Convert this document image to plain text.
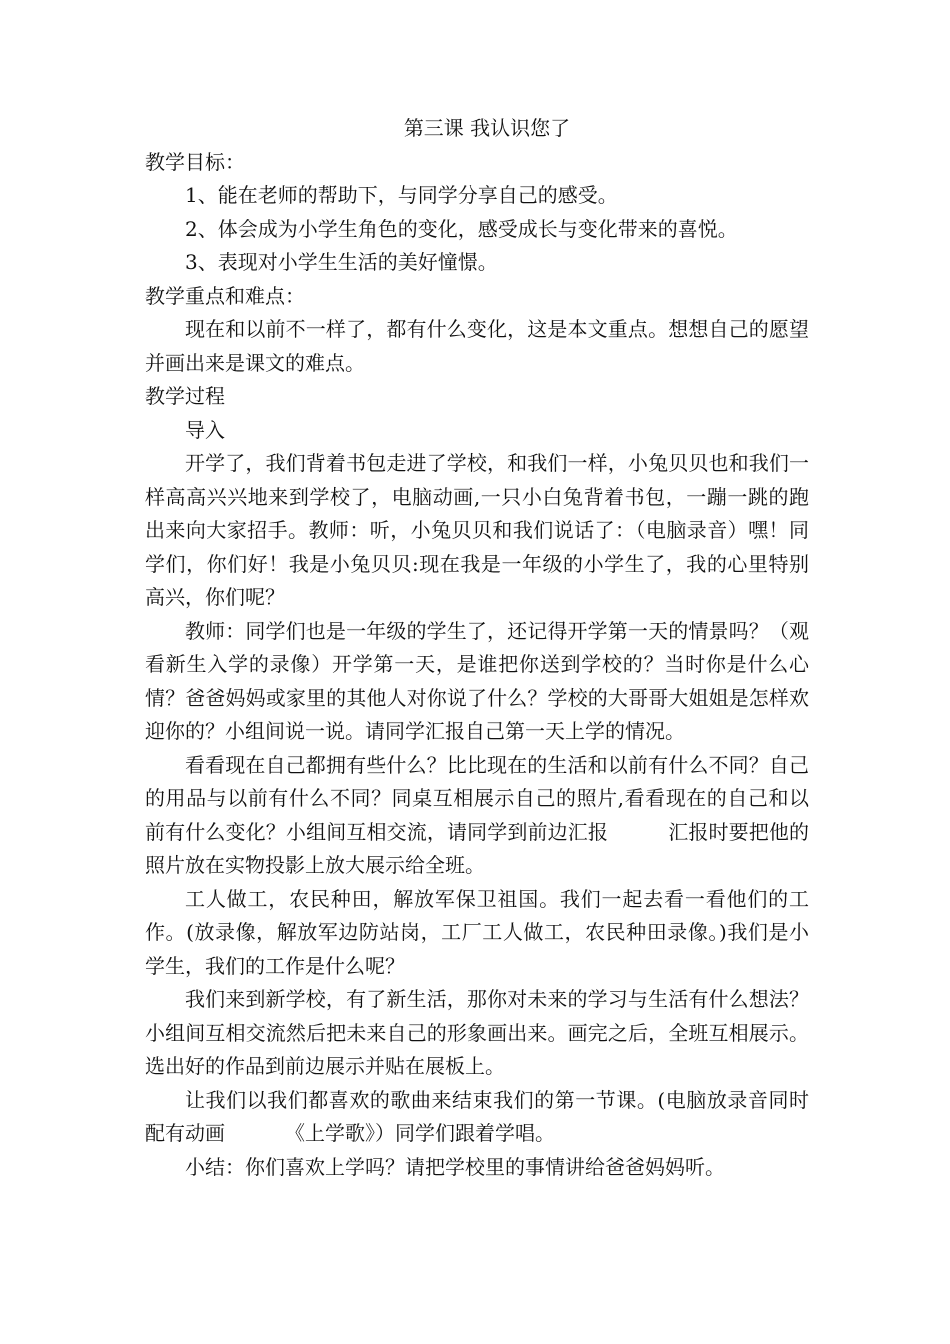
第三课 我认识您了

教学目标：

1、能在老师的帮助下，与同学分享自己的感受。

2、体会成为小学生角色的变化，感受成长与变化带来的喜悦。

3、表现对小学生生活的美好憧憬。

教学重点和难点：

现在和以前不一样了，都有什么变化，这是本文重点。想想自己的愿望并画出来是课文的难点。

教学过程

导入

开学了，我们背着书包走进了学校，和我们一样，小兔贝贝也和我们一样高高兴兴地来到学校了，电脑动画,一只小白兔背着书包，一蹦一跳的跑出来向大家招手。教师：听，小兔贝贝和我们说话了：（电脑录音）嘿！同学们，你们好！我是小兔贝贝:现在我是一年级的小学生了，我的心里特别高兴，你们呢？

教师：同学们也是一年级的学生了，还记得开学第一天的情景吗？（观看新生入学的录像）开学第一天，是谁把你送到学校的？当时你是什么心情？爸爸妈妈或家里的其他人对你说了什么？学校的大哥哥大姐姐是怎样欢迎你的？小组间说一说。请同学汇报自己第一天上学的情况。

看看现在自己都拥有些什么？比比现在的生活和以前有什么不同？自己的用品与以前有什么不同？同桌互相展示自己的照片,看看现在的自己和以前有什么变化？小组间互相交流，请同学到前边汇报	汇报时要把他的照片放在实物投影上放大展示给全班。

工人做工，农民种田，解放军保卫祖国。我们一起去看一看他们的工作。(放录像，解放军边防站岗，工厂工人做工，农民种田录像。)我们是小学生，我们的工作是什么呢？

我们来到新学校，有了新生活，那你对未来的学习与生活有什么想法？小组间互相交流然后把未来自己的形象画出来。画完之后，全班互相展示。选出好的作品到前边展示并贴在展板上。

让我们以我们都喜欢的歌曲来结束我们的第一节课。(电脑放录音同时配有动画	《上学歌》）同学们跟着学唱。

小结：你们喜欢上学吗？请把学校里的事情讲给爸爸妈妈听。
